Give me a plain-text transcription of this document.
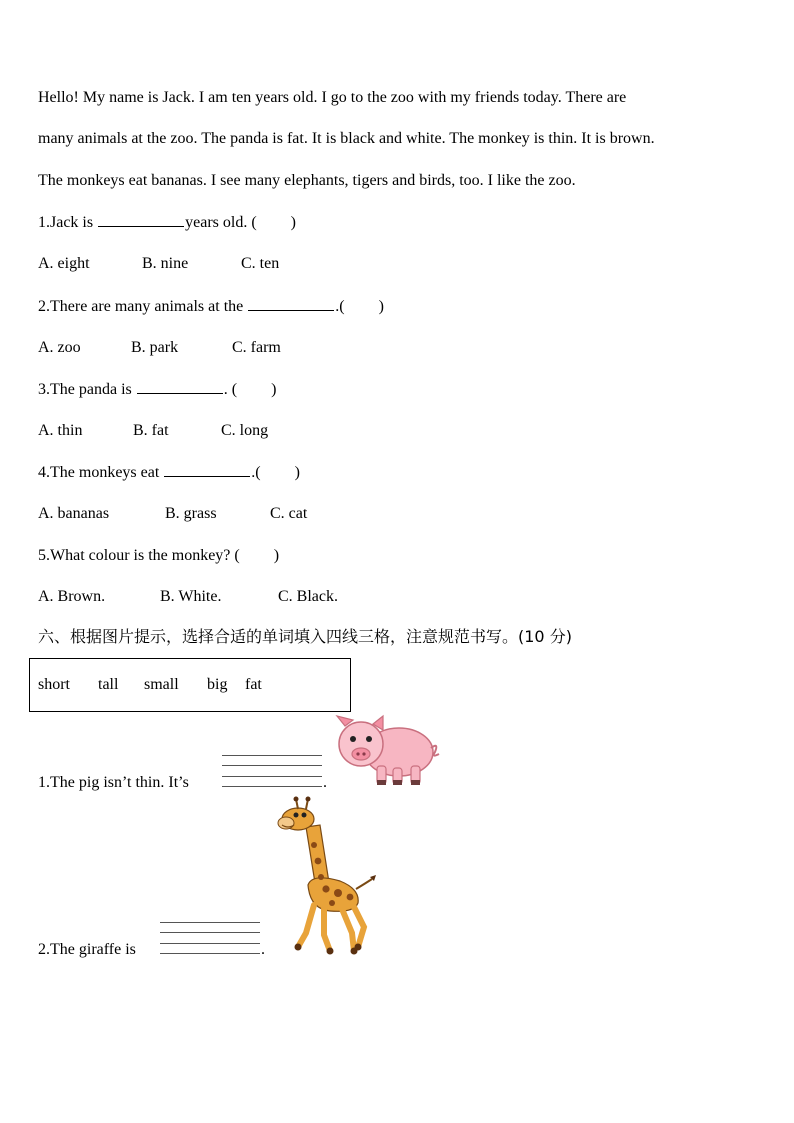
Hello! My name is Jack. I am ten years old. I go to the zoo with my friends today. There are
many animals at the zoo. The panda is fat. It is black and white. The monkey is thin. It is brown.
The monkeys eat bananas. I see many elephants, tigers and birds, too. I like the zoo.
1.Jack is	years old. ( )
A. eight	B. nine	C. ten
2.There are many animals at the	.( )
A. zoo	B. park	C. farm
3.The panda is	. ( )
A. thin	B. fat	C. long
4.The monkeys eat	.( )
A. bananas	B. grass	C. cat
5.What colour is the monkey? ( )
A. Brown.	B. White.	C. Black.
六、根据图片提示，选择合适的单词填入四线三格，注意规范书写。(10 分)
short tall small big fat
1.The pig isn’t thin. It’s	.
2.The giraffe is	.
